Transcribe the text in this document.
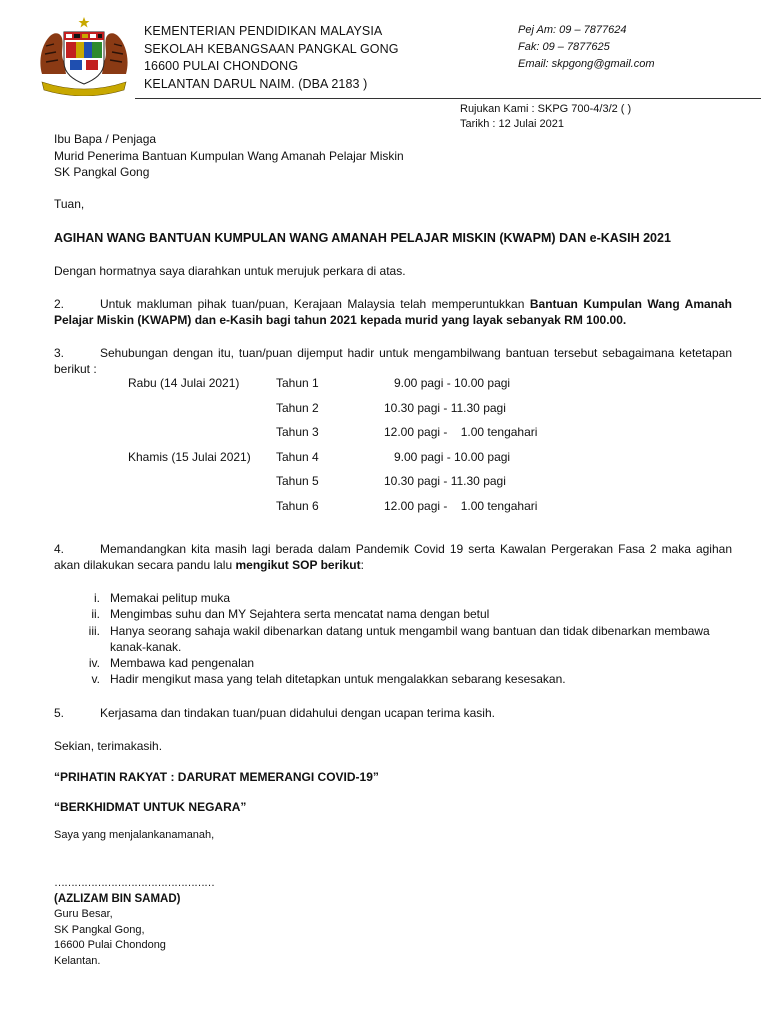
KEMENTERIAN PENDIDIKAN MALAYSIA
SEKOLAH KEBANGSAAN PANGKAL GONG
16600 PULAI CHONDONG
KELANTAN DARUL NAIM. (DBA 2183 )
Pej Am: 09 – 7877624
Fak: 09 – 7877625
Email: skpgong@gmail.com
Rujukan Kami : SKPG 700-4/3/2 ( )
Tarikh : 12 Julai 2021
Ibu Bapa / Penjaga
Murid Penerima Bantuan Kumpulan Wang Amanah Pelajar Miskin
SK Pangkal Gong
Tuan,
AGIHAN WANG BANTUAN KUMPULAN WANG AMANAH PELAJAR MISKIN (KWAPM) DAN e-KASIH 2021
Dengan hormatnya saya diarahkan untuk merujuk perkara di atas.
2.	Untuk makluman pihak tuan/puan, Kerajaan Malaysia telah memperuntukkan Bantuan Kumpulan Wang Amanah Pelajar Miskin (KWAPM) dan e-Kasih bagi tahun 2021 kepada murid yang layak sebanyak RM 100.00.
3.	Sehubungan dengan itu, tuan/puan dijemput hadir untuk mengambilwang bantuan tersebut sebagaimana ketetapan berikut :
Rabu (14 Julai 2021)	Tahun 1	9.00 pagi - 10.00 pagi
Tahun 2	10.30 pagi - 11.30 pagi
Tahun 3	12.00 pagi -    1.00 tengahari
Khamis (15 Julai 2021)	Tahun 4	9.00 pagi - 10.00 pagi
Tahun 5	10.30 pagi - 11.30 pagi
Tahun 6	12.00 pagi -    1.00 tengahari
4.	Memandangkan kita masih lagi berada dalam Pandemik Covid 19 serta Kawalan Pergerakan Fasa 2 maka agihan akan dilakukan secara pandu lalu mengikut SOP berikut:
i. Memakai pelitup muka
ii. Mengimbas suhu dan MY Sejahtera serta mencatat nama dengan betul
iii. Hanya seorang sahaja wakil dibenarkan datang untuk mengambil wang bantuan dan tidak dibenarkan membawa kanak-kanak.
iv. Membawa kad pengenalan
v. Hadir mengikut masa yang telah ditetapkan untuk mengalakkan sebarang kesesakan.
5.	Kerjasama dan tindakan tuan/puan didahului dengan ucapan terima kasih.
Sekian, terimakasih.
“PRIHATIN RAKYAT : DARURAT MEMERANGI COVID-19”
“BERKHIDMAT UNTUK NEGARA”
Saya yang menjalankanamanah,
…………………………………………
(AZLIZAM BIN SAMAD)
Guru Besar,
SK Pangkal Gong,
16600 Pulai Chondong
Kelantan.
